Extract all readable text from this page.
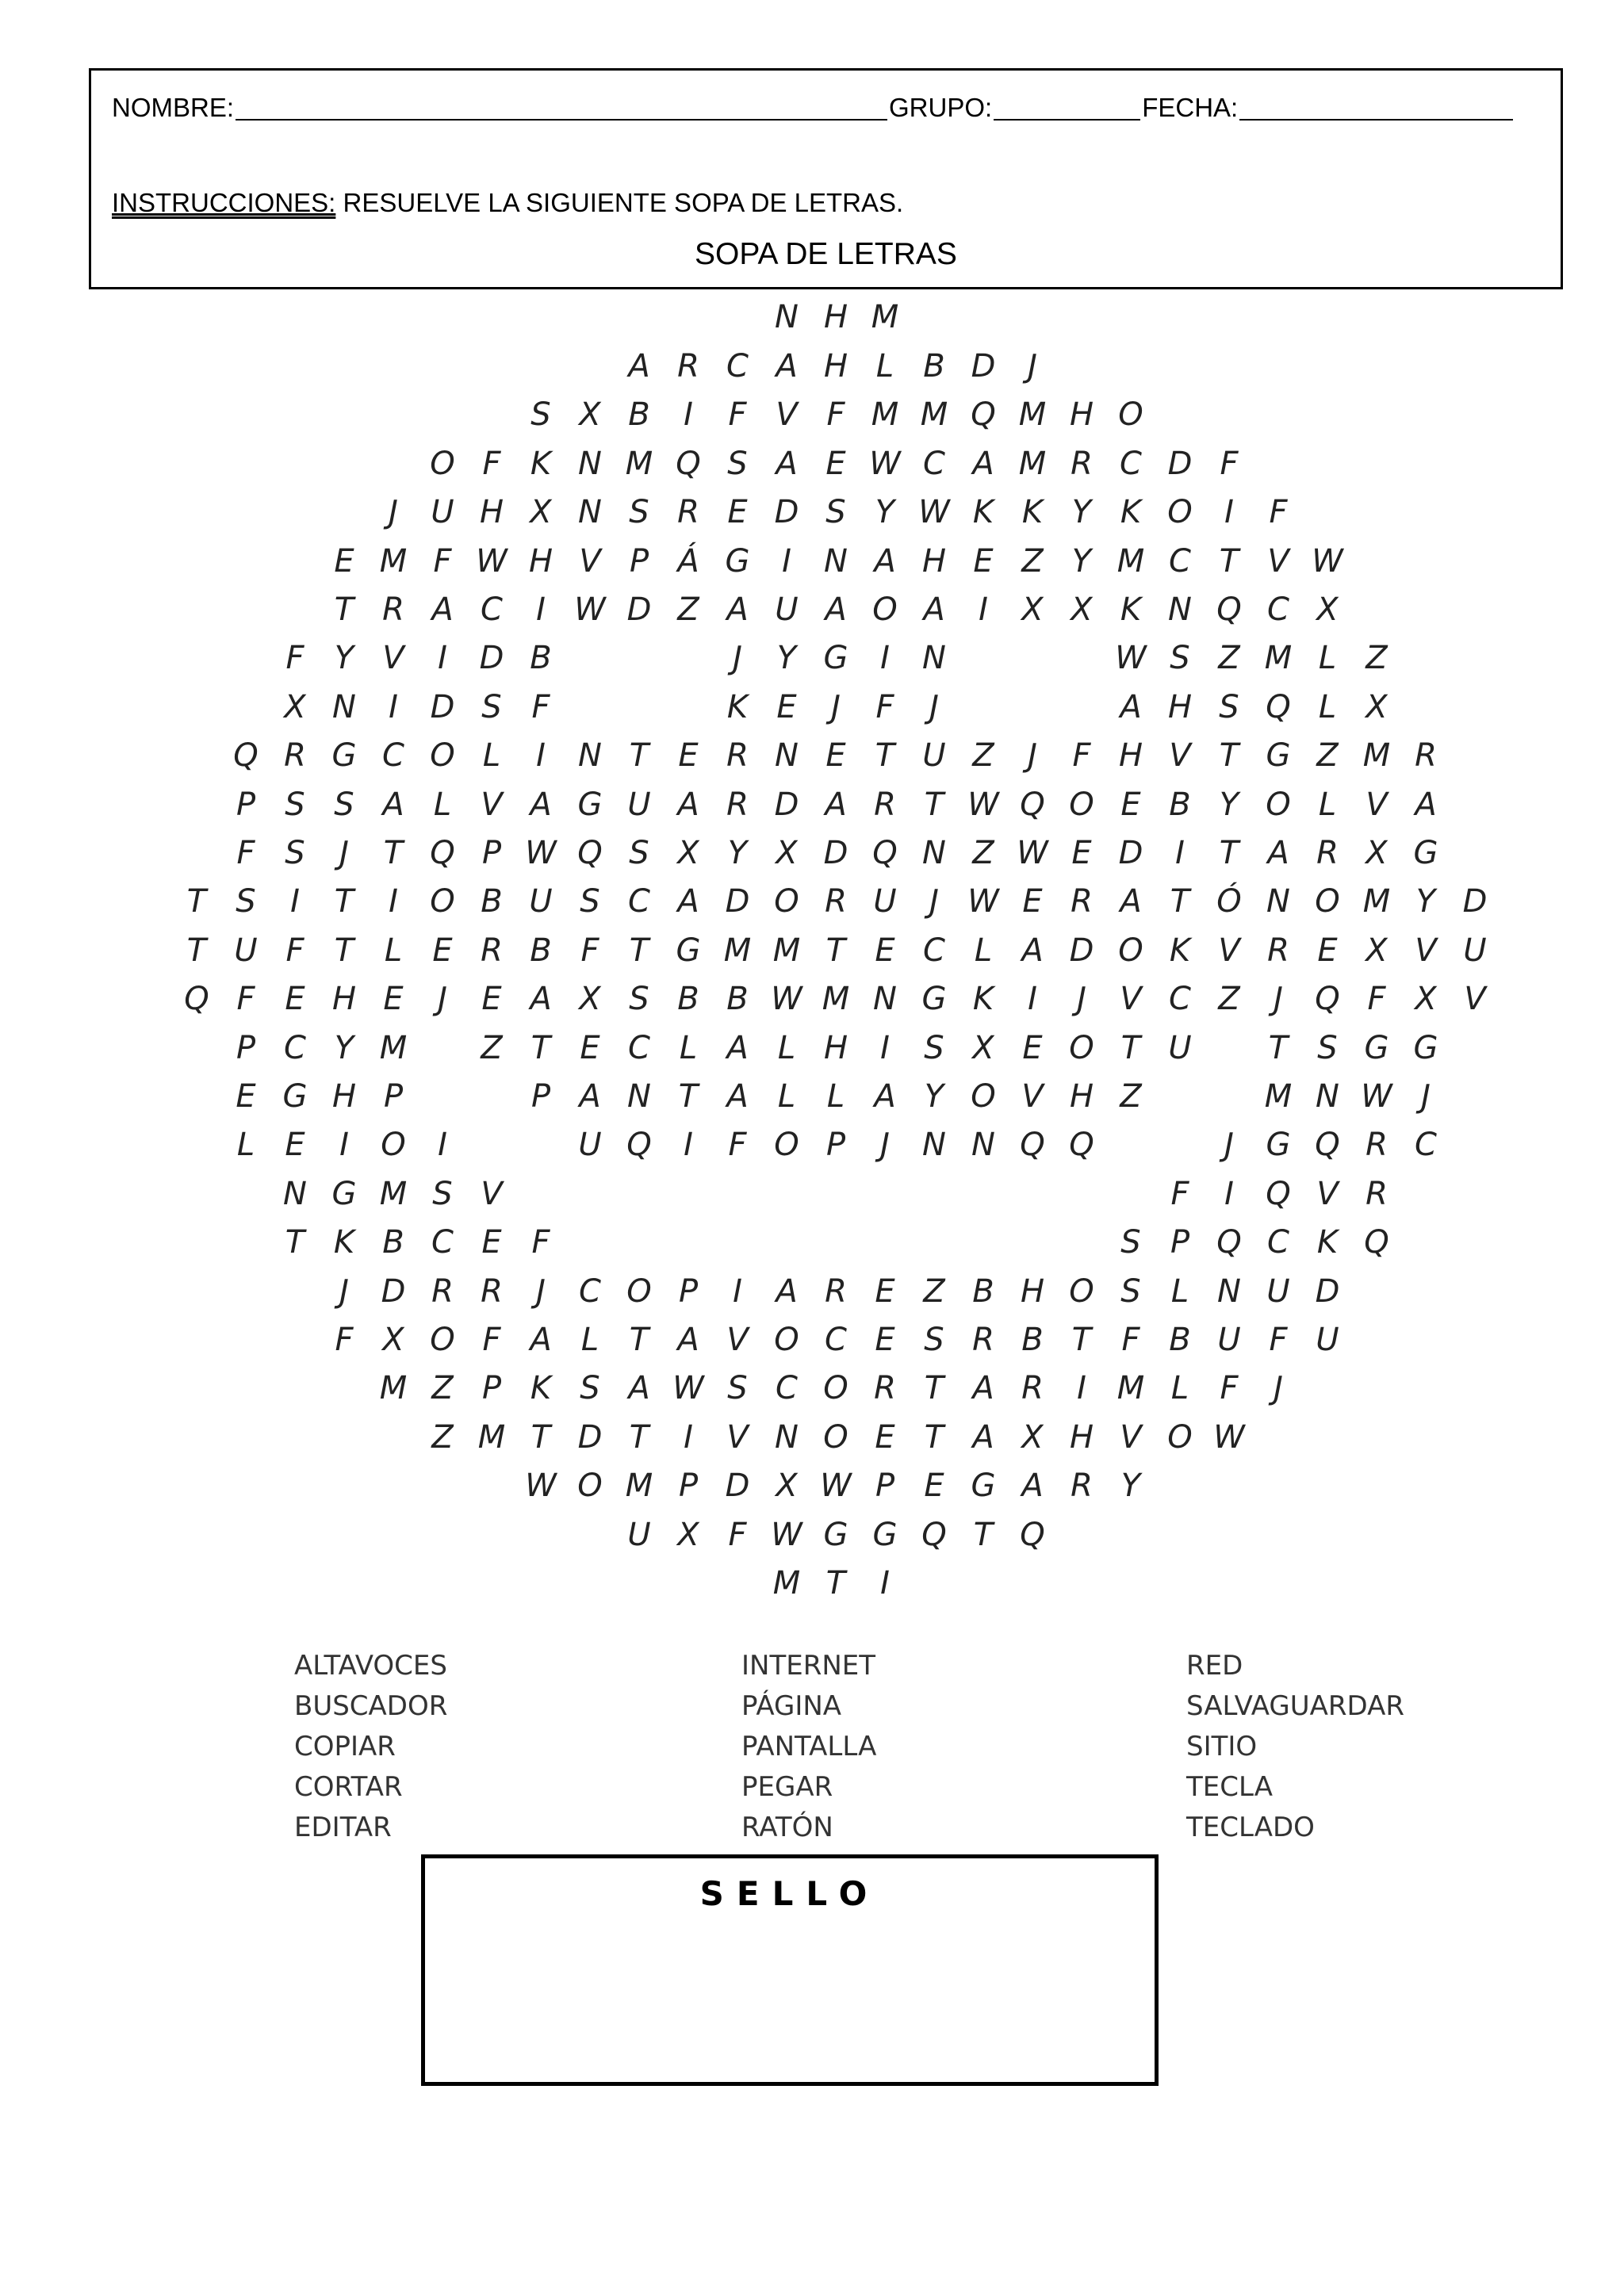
NOMBRE:	GRUPO:	FECHA:
INSTRUCCIONES: RESUELVE LA SIGUIENTE SOPA DE LETRAS.
SOPA DE LETRAS
N H M
A R C A H L B D	J
S X B	I	F V F M M Q M H O
O F K N M Q S A E W C A M R C D F
J	U H X N S R E D S Y W K K Y K O	I	F
E M F W H V P Á G	I	N A H E Z Y M C T V W
T R A C	I W D Z A U A O A	I	X X K N Q C X
F Y V	I	D B	J	Y G	I	N	W S Z M L Z
X N	I	D S F	K E	J	F	J	A H S Q L X
Q R G C O L	I	N T E R N E T U Z	J	F H V T G Z M R
P S S A L V A G U A R D A R T W Q O E B Y O L V A
F S	J	T Q P W Q S X Y X D Q N Z W E D	I	T A R X G
T S	I	T	I	O B U S C A D O R U	J W E R A T Ó N O M Y D
T U F T L E R B F T G M M T E C L A D O K V R E X V U
Q F E H E	J	E A X S B B W M N G K	I	J	V C Z	J	Q F X V
P C Y M	Z T E C L A L H	I	S X E O T U	T S G G
E G H P	P A N T A L L A Y O V H Z	M N W J
L E	I	O	I	U Q	I	F O P	J	N N Q Q	J	G Q R C
N G M S V	F	I	Q V R
T K B C E F	S P Q C K Q
J	D R R	J	C O P	I	A R E Z B H O S L N U D
F X O F A L T A V O C E S R B T F B U F U
M Z P K S A W S C O R T A R	I M L F	J
Z M T D T	I	V N O E T A X H V O W
W O M P D X W P E G A R Y
U X F W G G Q T Q
M T	I
ALTAVOCES
BUSCADOR
COPIAR
CORTAR
EDITAR
INTERNET
PÁGINA
PANTALLA
PEGAR
RATÓN
RED
SALVAGUARDAR
SITIO
TECLA
TECLADO
SELLO
